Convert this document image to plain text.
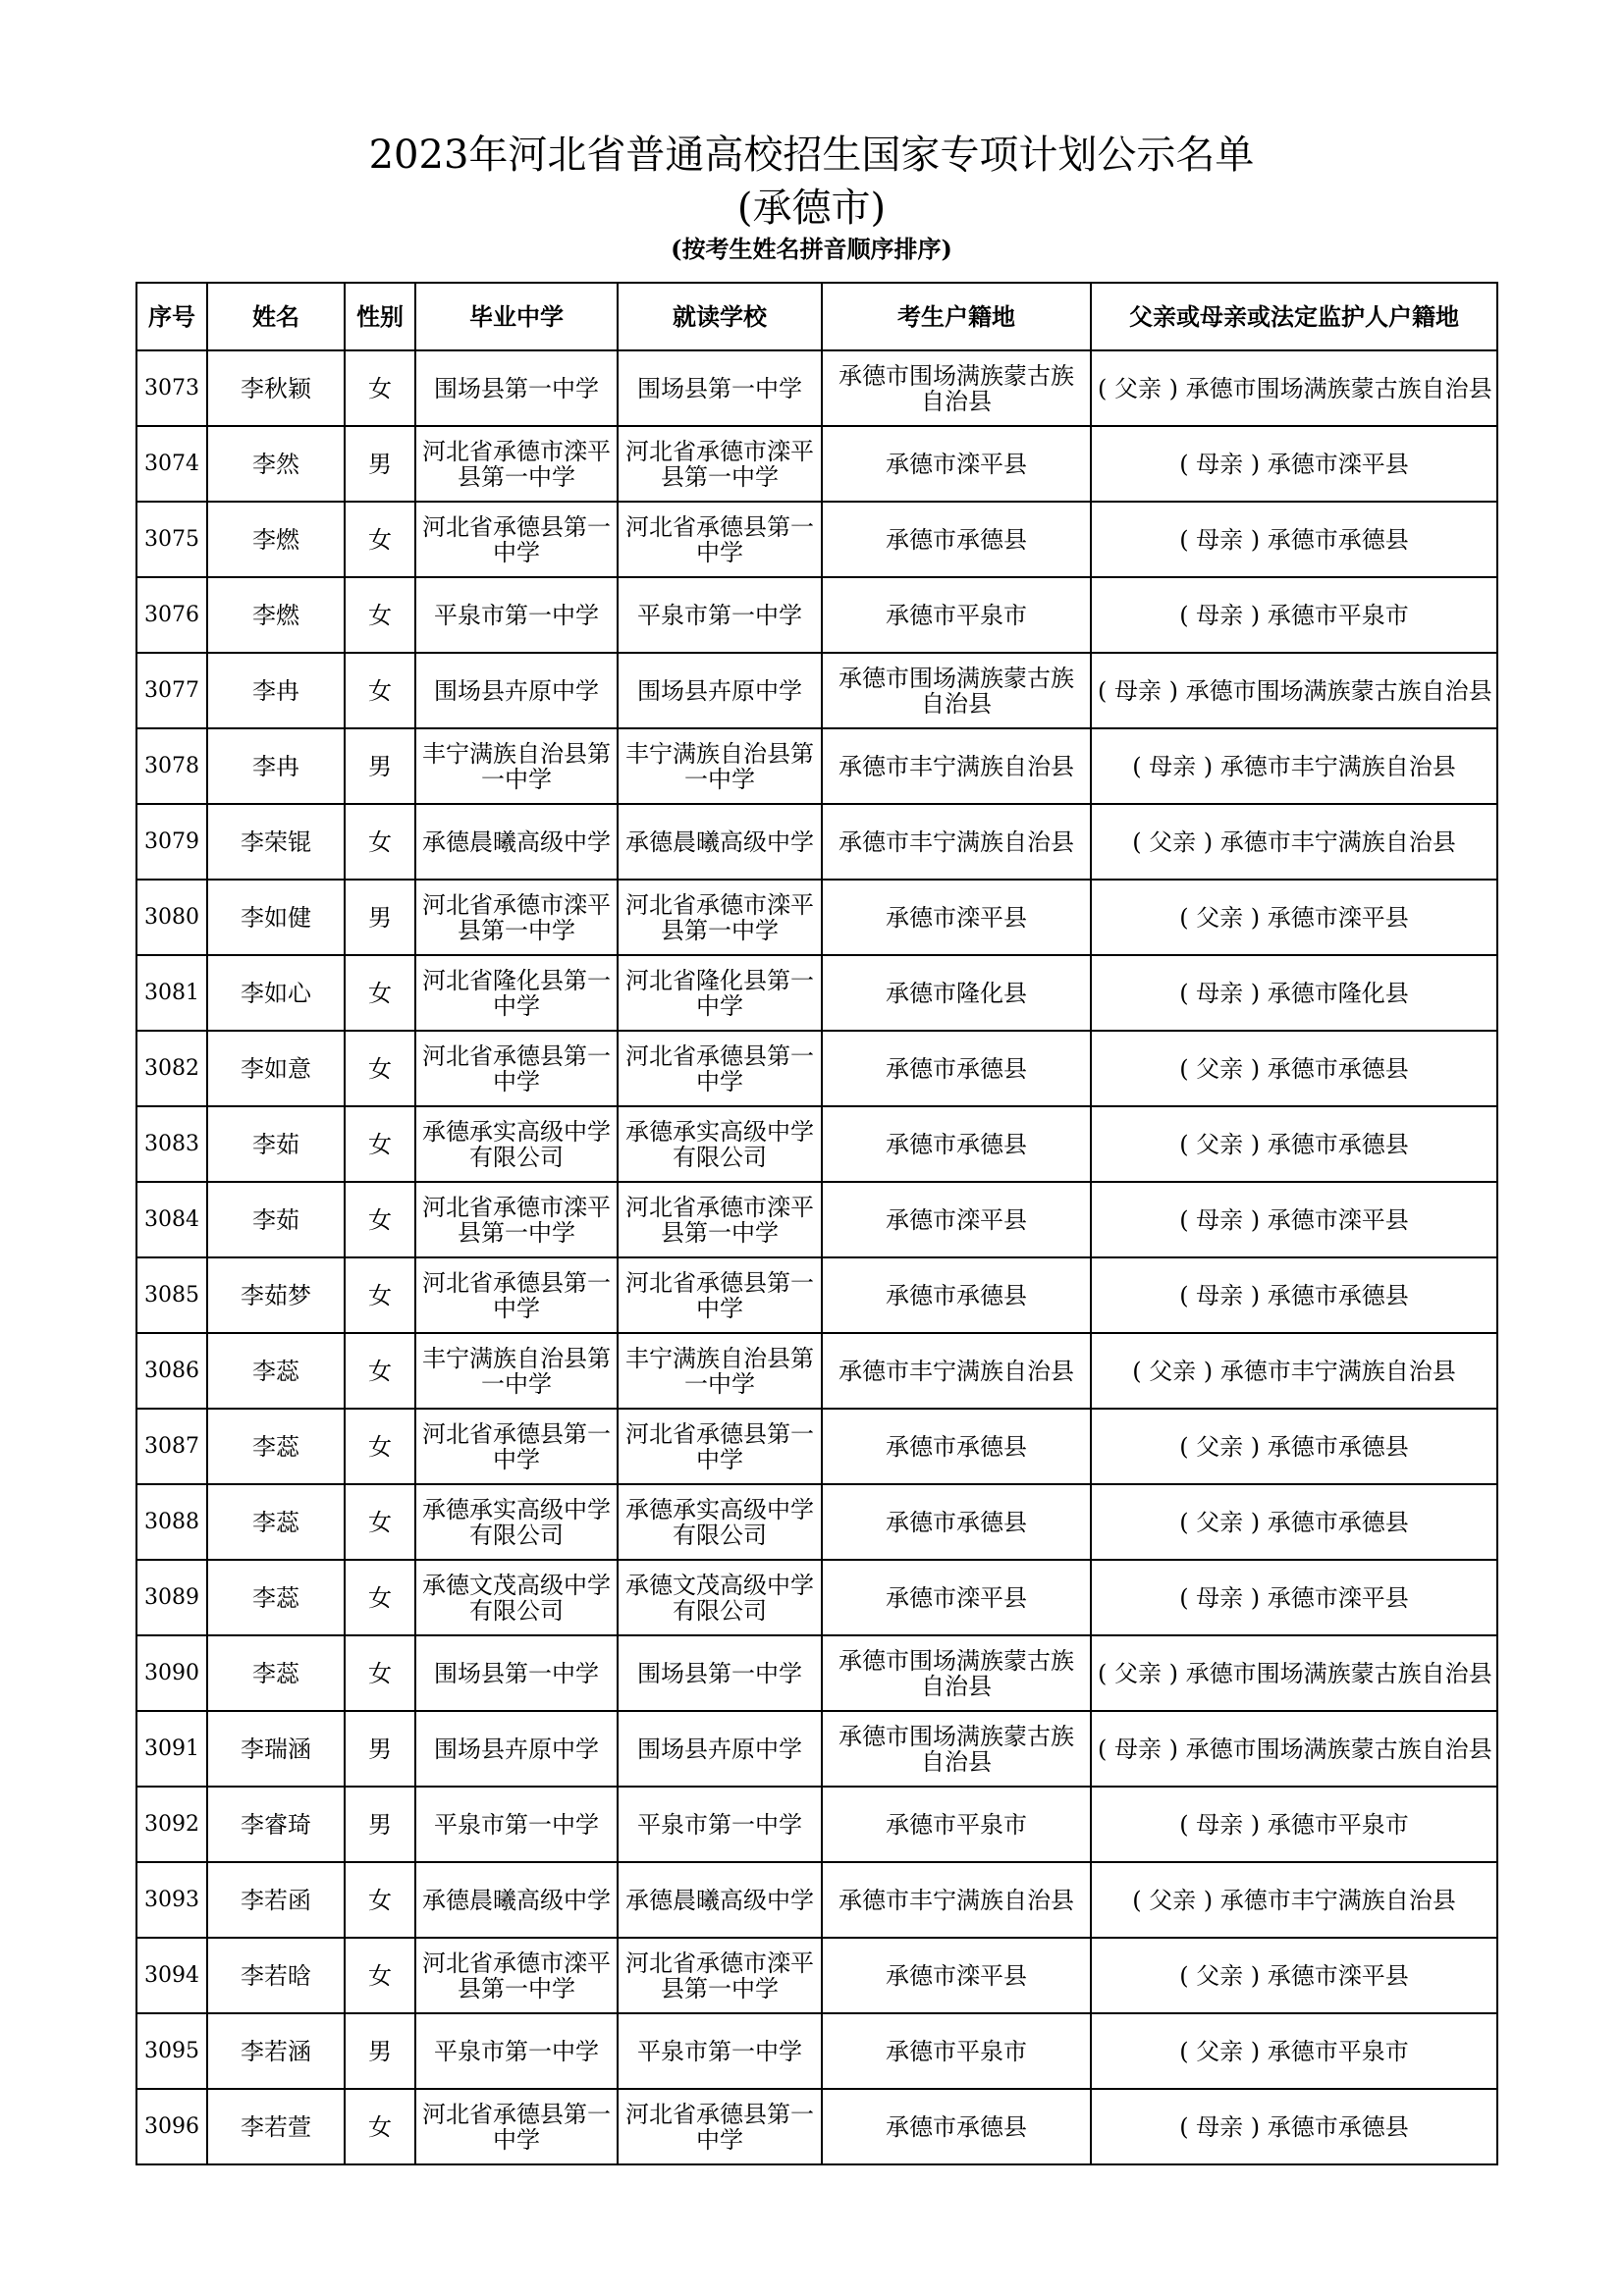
2023年河北省普通高校招生国家专项计划公示名单
(承德市)
(按考生姓名拼音顺序排序)
序号	姓名	性别	毕业中学	就读学校	考生户籍地	父亲或母亲或法定监护人户籍地
3073	李秋颖	女	围场县第一中学	围场县第一中学	承德市围场满族蒙古族自治县	( 父亲 ) 承德市围场满族蒙古族自治县
3074	李然	男	河北省承德市滦平县第一中学	河北省承德市滦平县第一中学	承德市滦平县	( 母亲 ) 承德市滦平县
3075	李燃	女	河北省承德县第一中学	河北省承德县第一中学	承德市承德县	( 母亲 ) 承德市承德县
3076	李燃	女	平泉市第一中学	平泉市第一中学	承德市平泉市	( 母亲 ) 承德市平泉市
3077	李冉	女	围场县卉原中学	围场县卉原中学	承德市围场满族蒙古族自治县	( 母亲 ) 承德市围场满族蒙古族自治县
3078	李冉	男	丰宁满族自治县第一中学	丰宁满族自治县第一中学	承德市丰宁满族自治县	( 母亲 ) 承德市丰宁满族自治县
3079	李荣锟	女	承德晨曦高级中学	承德晨曦高级中学	承德市丰宁满族自治县	( 父亲 ) 承德市丰宁满族自治县
3080	李如健	男	河北省承德市滦平县第一中学	河北省承德市滦平县第一中学	承德市滦平县	( 父亲 ) 承德市滦平县
3081	李如心	女	河北省隆化县第一中学	河北省隆化县第一中学	承德市隆化县	( 母亲 ) 承德市隆化县
3082	李如意	女	河北省承德县第一中学	河北省承德县第一中学	承德市承德县	( 父亲 ) 承德市承德县
3083	李茹	女	承德承实高级中学有限公司	承德承实高级中学有限公司	承德市承德县	( 父亲 ) 承德市承德县
3084	李茹	女	河北省承德市滦平县第一中学	河北省承德市滦平县第一中学	承德市滦平县	( 母亲 ) 承德市滦平县
3085	李茹梦	女	河北省承德县第一中学	河北省承德县第一中学	承德市承德县	( 母亲 ) 承德市承德县
3086	李蕊	女	丰宁满族自治县第一中学	丰宁满族自治县第一中学	承德市丰宁满族自治县	( 父亲 ) 承德市丰宁满族自治县
3087	李蕊	女	河北省承德县第一中学	河北省承德县第一中学	承德市承德县	( 父亲 ) 承德市承德县
3088	李蕊	女	承德承实高级中学有限公司	承德承实高级中学有限公司	承德市承德县	( 父亲 ) 承德市承德县
3089	李蕊	女	承德文茂高级中学有限公司	承德文茂高级中学有限公司	承德市滦平县	( 母亲 ) 承德市滦平县
3090	李蕊	女	围场县第一中学	围场县第一中学	承德市围场满族蒙古族自治县	( 父亲 ) 承德市围场满族蒙古族自治县
3091	李瑞涵	男	围场县卉原中学	围场县卉原中学	承德市围场满族蒙古族自治县	( 母亲 ) 承德市围场满族蒙古族自治县
3092	李睿琦	男	平泉市第一中学	平泉市第一中学	承德市平泉市	( 母亲 ) 承德市平泉市
3093	李若函	女	承德晨曦高级中学	承德晨曦高级中学	承德市丰宁满族自治县	( 父亲 ) 承德市丰宁满族自治县
3094	李若晗	女	河北省承德市滦平县第一中学	河北省承德市滦平县第一中学	承德市滦平县	( 父亲 ) 承德市滦平县
3095	李若涵	男	平泉市第一中学	平泉市第一中学	承德市平泉市	( 父亲 ) 承德市平泉市
3096	李若萱	女	河北省承德县第一中学	河北省承德县第一中学	承德市承德县	( 母亲 ) 承德市承德县
